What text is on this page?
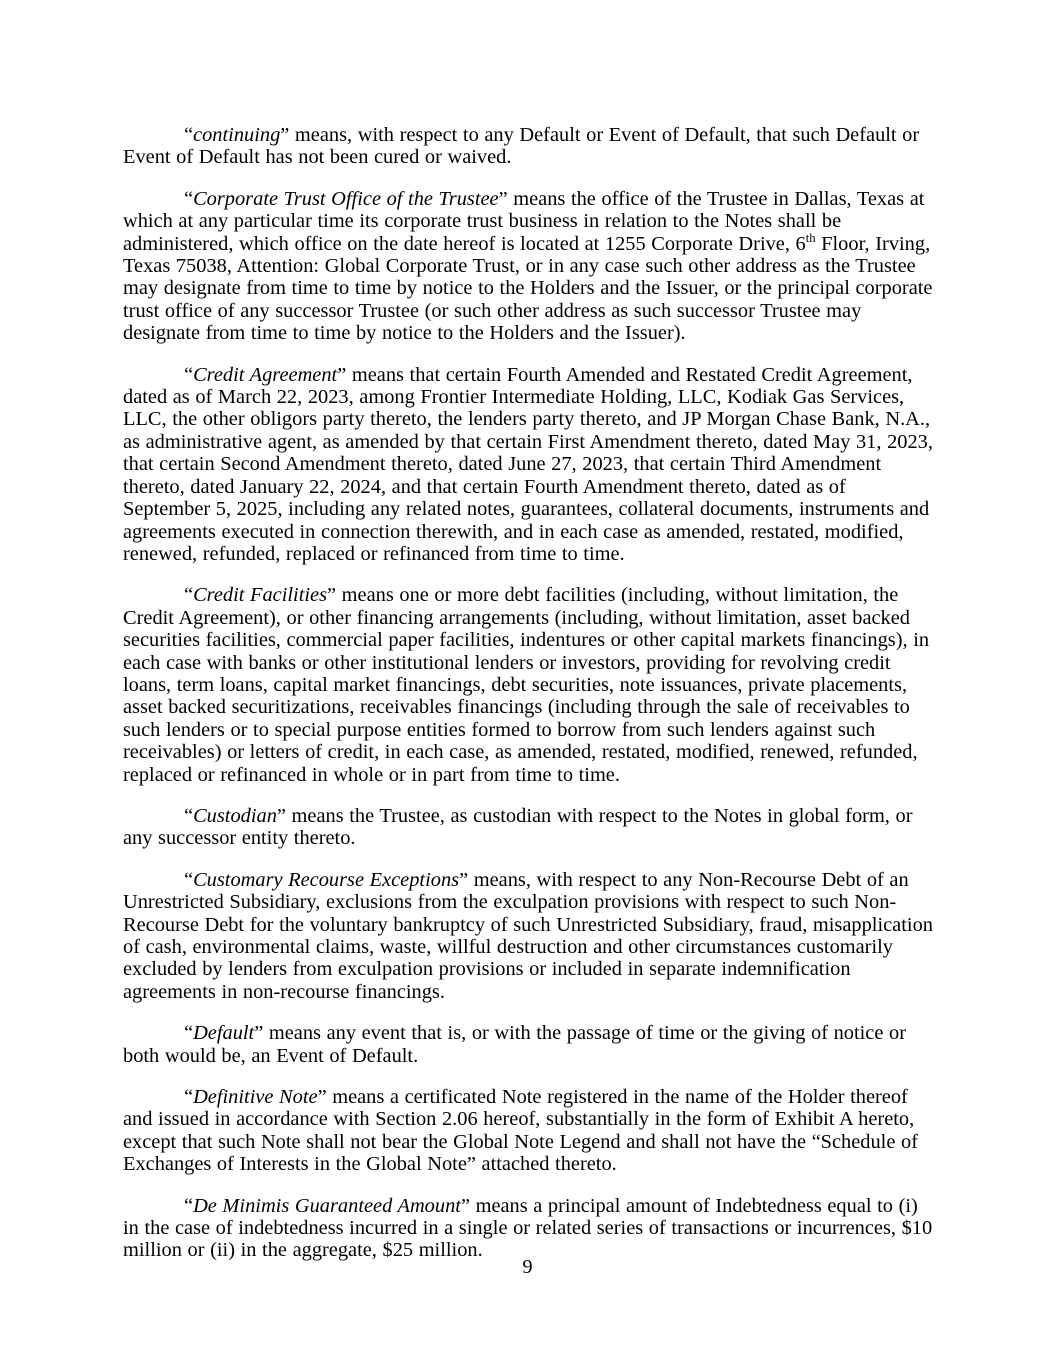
“continuing” means, with respect to any Default or Event of Default, that such Default or Event of Default has not been cured or waived.

“Corporate Trust Office of the Trustee” means the office of the Trustee in Dallas, Texas at which at any particular time its corporate trust business in relation to the Notes shall be administered, which office on the date hereof is located at 1255 Corporate Drive, 6th Floor, Irving, Texas 75038, Attention: Global Corporate Trust, or in any case such other address as the Trustee may designate from time to time by notice to the Holders and the Issuer, or the principal corporate trust office of any successor Trustee (or such other address as such successor Trustee may designate from time to time by notice to the Holders and the Issuer).

“Credit Agreement” means that certain Fourth Amended and Restated Credit Agreement, dated as of March 22, 2023, among Frontier Intermediate Holding, LLC, Kodiak Gas Services, LLC, the other obligors party thereto, the lenders party thereto, and JP Morgan Chase Bank, N.A., as administrative agent, as amended by that certain First Amendment thereto, dated May 31, 2023, that certain Second Amendment thereto, dated June 27, 2023, that certain Third Amendment thereto, dated January 22, 2024, and that certain Fourth Amendment thereto, dated as of September 5, 2025, including any related notes, guarantees, collateral documents, instruments and agreements executed in connection therewith, and in each case as amended, restated, modified, renewed, refunded, replaced or refinanced from time to time.

“Credit Facilities” means one or more debt facilities (including, without limitation, the Credit Agreement), or other financing arrangements (including, without limitation, asset backed securities facilities, commercial paper facilities, indentures or other capital markets financings), in each case with banks or other institutional lenders or investors, providing for revolving credit loans, term loans, capital market financings, debt securities, note issuances, private placements, asset backed securitizations, receivables financings (including through the sale of receivables to such lenders or to special purpose entities formed to borrow from such lenders against such receivables) or letters of credit, in each case, as amended, restated, modified, renewed, refunded, replaced or refinanced in whole or in part from time to time.

“Custodian” means the Trustee, as custodian with respect to the Notes in global form, or any successor entity thereto.

“Customary Recourse Exceptions” means, with respect to any Non-Recourse Debt of an Unrestricted Subsidiary, exclusions from the exculpation provisions with respect to such Non-Recourse Debt for the voluntary bankruptcy of such Unrestricted Subsidiary, fraud, misapplication of cash, environmental claims, waste, willful destruction and other circumstances customarily excluded by lenders from exculpation provisions or included in separate indemnification agreements in non-recourse financings.

“Default” means any event that is, or with the passage of time or the giving of notice or both would be, an Event of Default.

“Definitive Note” means a certificated Note registered in the name of the Holder thereof and issued in accordance with Section 2.06 hereof, substantially in the form of Exhibit A hereto, except that such Note shall not bear the Global Note Legend and shall not have the “Schedule of Exchanges of Interests in the Global Note” attached thereto.

“De Minimis Guaranteed Amount” means a principal amount of Indebtedness equal to (i) in the case of indebtedness incurred in a single or related series of transactions or incurrences, $10 million or (ii) in the aggregate, $25 million.

9
